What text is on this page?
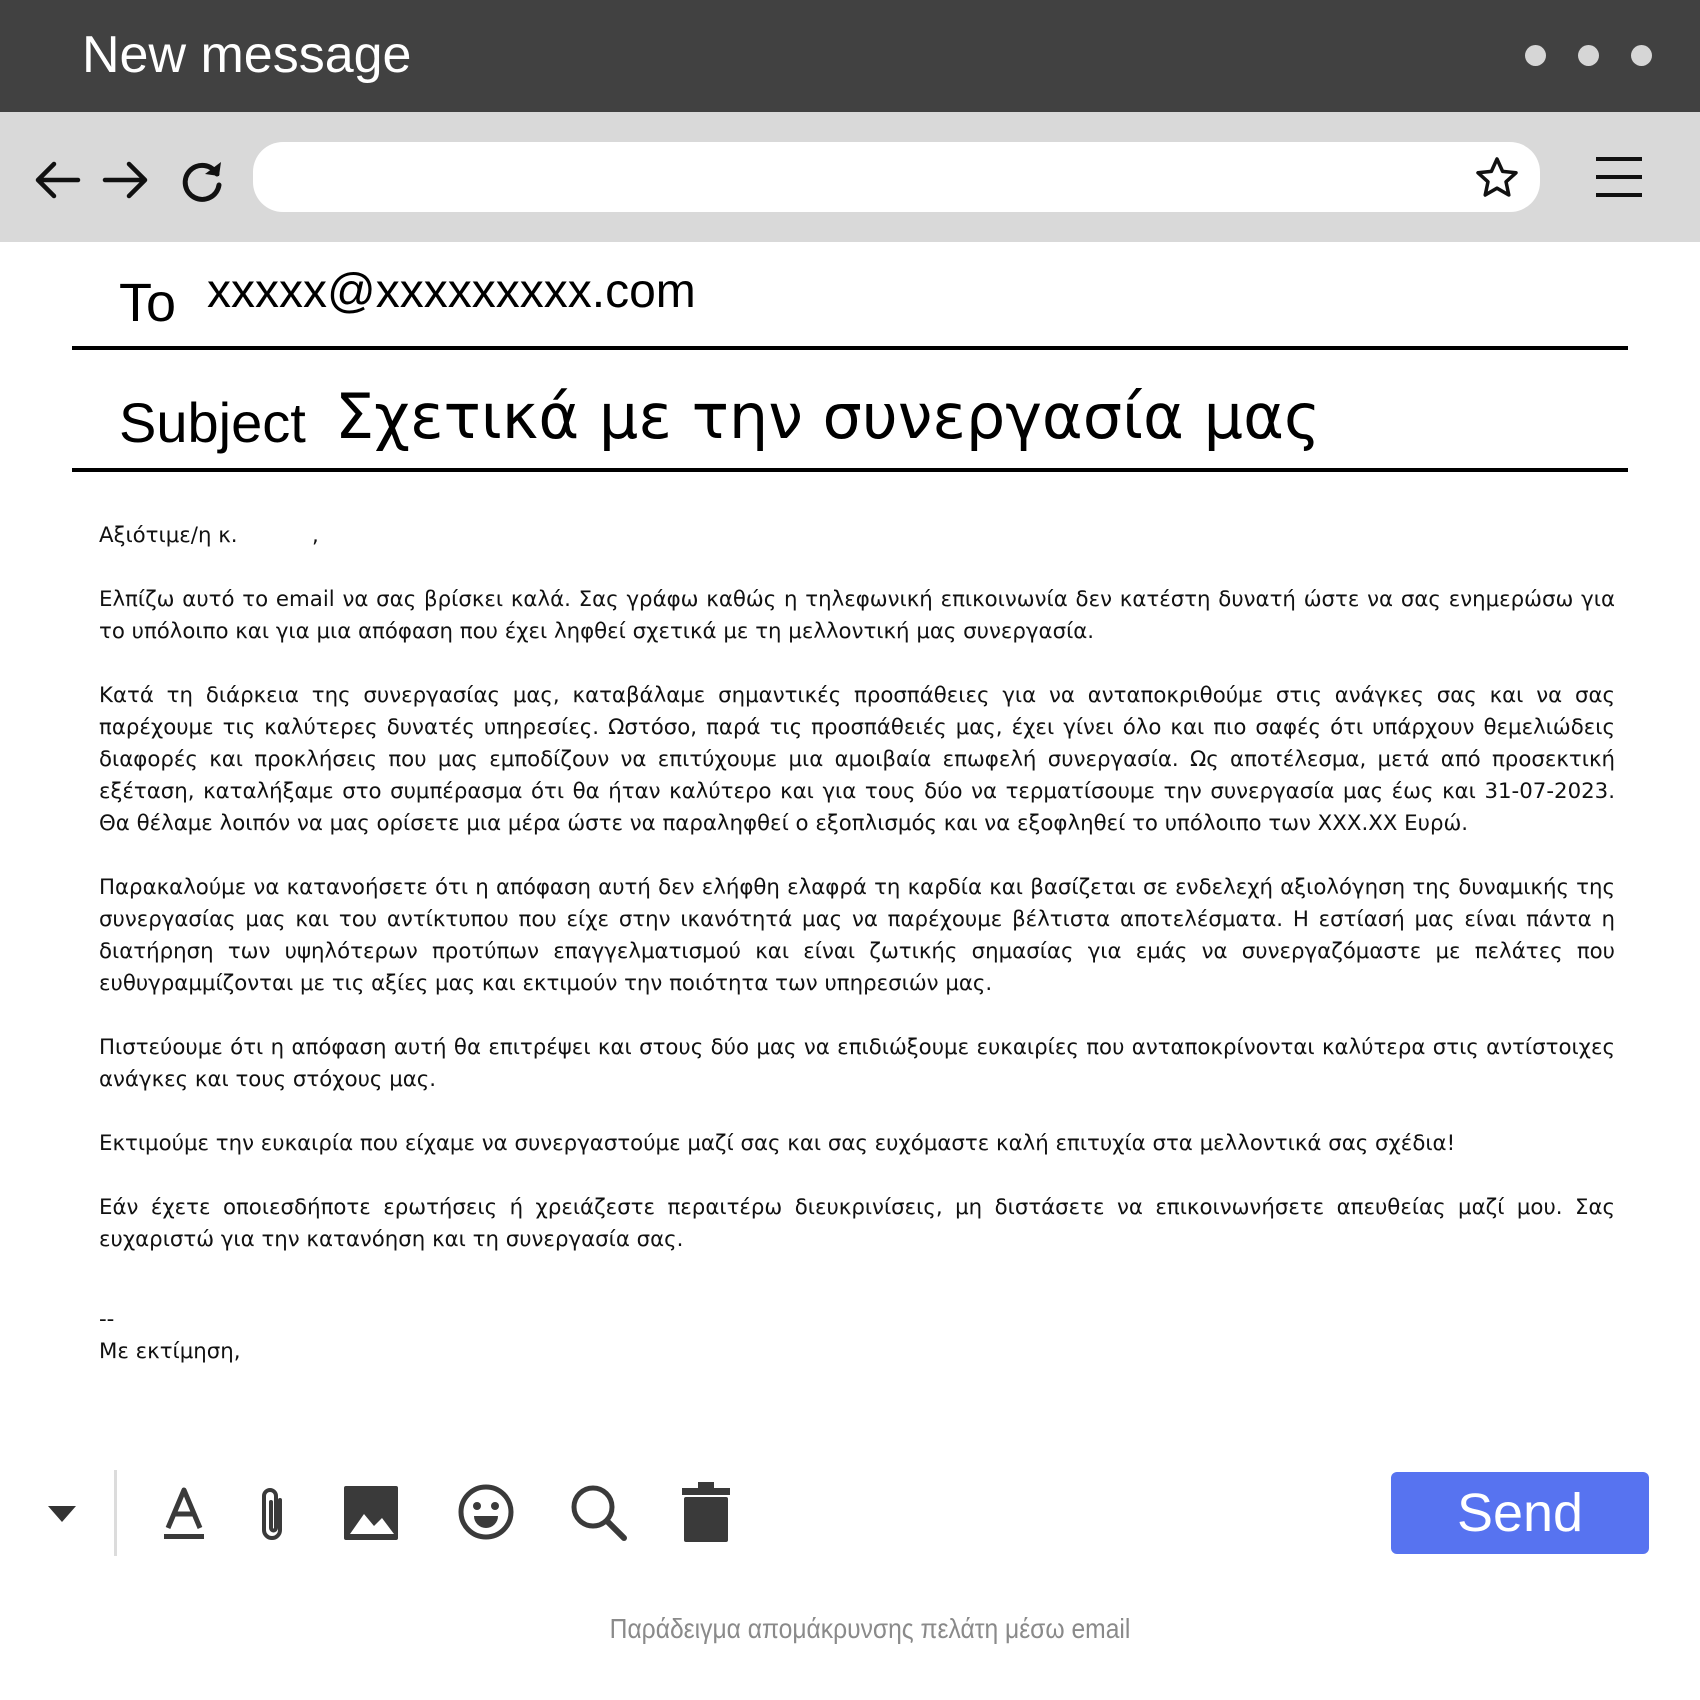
New message
To xxxxx@xxxxxxxxx.com
Subject Σχετικά με την συνεργασία μας

Αξιότιμε/η κ.           ,

Ελπίζω αυτό το email να σας βρίσκει καλά. Σας γράφω καθώς η τηλεφωνική επικοινωνία δεν κατέστη δυνατή ώστε να σας ενημερώσω για το υπόλοιπο και για μια απόφαση που έχει ληφθεί σχετικά με τη μελλοντική μας συνεργασία.

Κατά τη διάρκεια της συνεργασίας μας, καταβάλαμε σημαντικές προσπάθειες για να ανταποκριθούμε στις ανάγκες σας και να σας παρέχουμε τις καλύτερες δυνατές υπηρεσίες. Ωστόσο, παρά τις προσπάθειές μας, έχει γίνει όλο και πιο σαφές ότι υπάρχουν θεμελιώδεις διαφορές και προκλήσεις που μας εμποδίζουν να επιτύχουμε μια αμοιβαία επωφελή συνεργασία. Ως αποτέλεσμα, μετά από προσεκτική εξέταση, καταλήξαμε στο συμπέρασμα ότι θα ήταν καλύτερο και για τους δύο να τερματίσουμε την συνεργασία μας έως και 31-07-2023. Θα θέλαμε λοιπόν να μας ορίσετε μια μέρα ώστε να παραληφθεί ο εξοπλισμός και να εξοφληθεί το υπόλοιπο των XXX.XX Ευρώ.

Παρακαλούμε να κατανοήσετε ότι η απόφαση αυτή δεν ελήφθη ελαφρά τη καρδία και βασίζεται σε ενδελεχή αξιολόγηση της δυναμικής της συνεργασίας μας και του αντίκτυπου που είχε στην ικανότητά μας να παρέχουμε βέλτιστα αποτελέσματα. Η εστίασή μας είναι πάντα η διατήρηση των υψηλότερων προτύπων επαγγελματισμού και είναι ζωτικής σημασίας για εμάς να συνεργαζόμαστε με πελάτες που ευθυγραμμίζονται με τις αξίες μας και εκτιμούν την ποιότητα των υπηρεσιών μας.

Πιστεύουμε ότι η απόφαση αυτή θα επιτρέψει και στους δύο μας να επιδιώξουμε ευκαιρίες που ανταποκρίνονται καλύτερα στις αντίστοιχες ανάγκες και τους στόχους μας.

Εκτιμούμε την ευκαιρία που είχαμε να συνεργαστούμε μαζί σας και σας ευχόμαστε καλή επιτυχία στα μελλοντικά σας σχέδια!

Εάν έχετε οποιεσδήποτε ερωτήσεις ή χρειάζεστε περαιτέρω διευκρινίσεις, μη διστάσετε να επικοινωνήσετε απευθείας μαζί μου. Σας ευχαριστώ για την κατανόηση και τη συνεργασία σας.

--
Με εκτίμηση,
Send
Παράδειγμα απομάκρυνσης πελάτη μέσω email
